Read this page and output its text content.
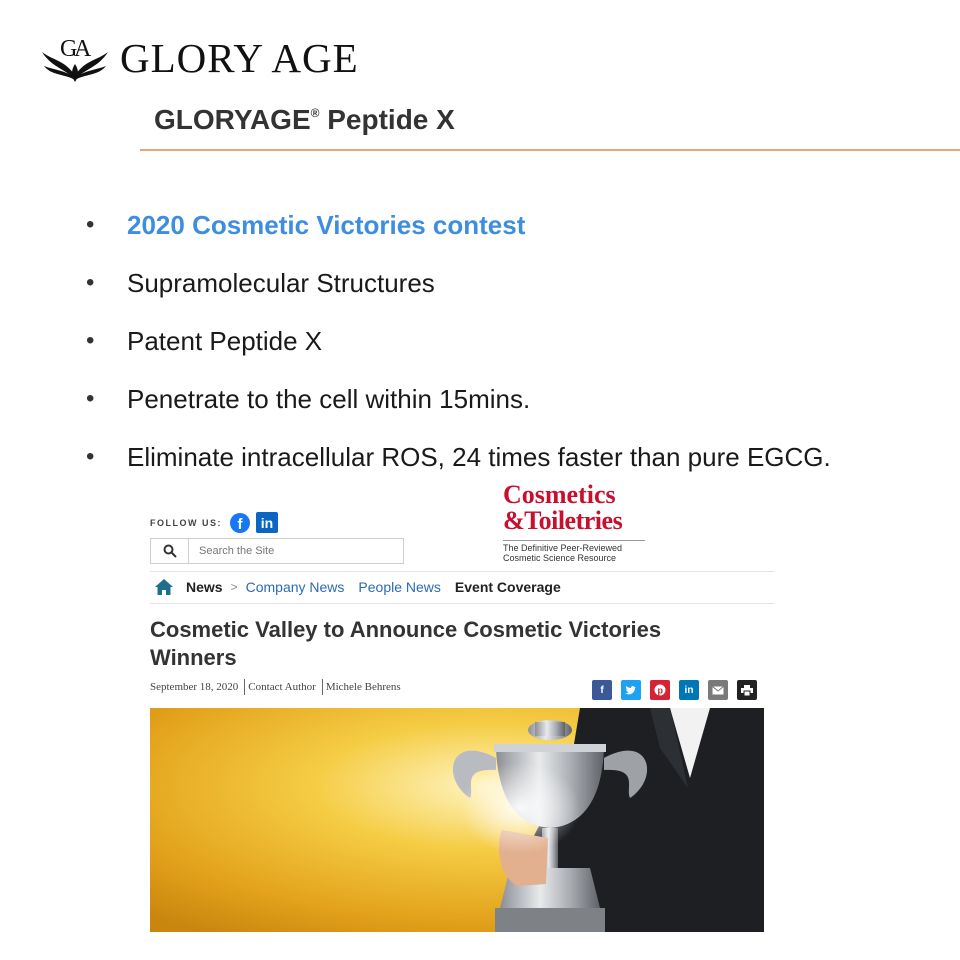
G
A GLORY AGE
GLORYAGE® Peptide X
•	2020 Cosmetic Victories contest
•	Supramolecular Structures
•	Patent Peptide X
•	Penetrate to the cell within 15mins.
•	Eliminate intracellular ROS, 24 times faster than pure EGCG.
FOLLOW US:	f	in
Search the Site
Cosmetics
&Toiletries
The Definitive Peer-Reviewed Cosmetic Science Resource
News > Company News People News Event Coverage
Cosmetic Valley to Announce Cosmetic Victories Winners
September 18, 2020 Contact Author Michele Behrens	f	p	in
